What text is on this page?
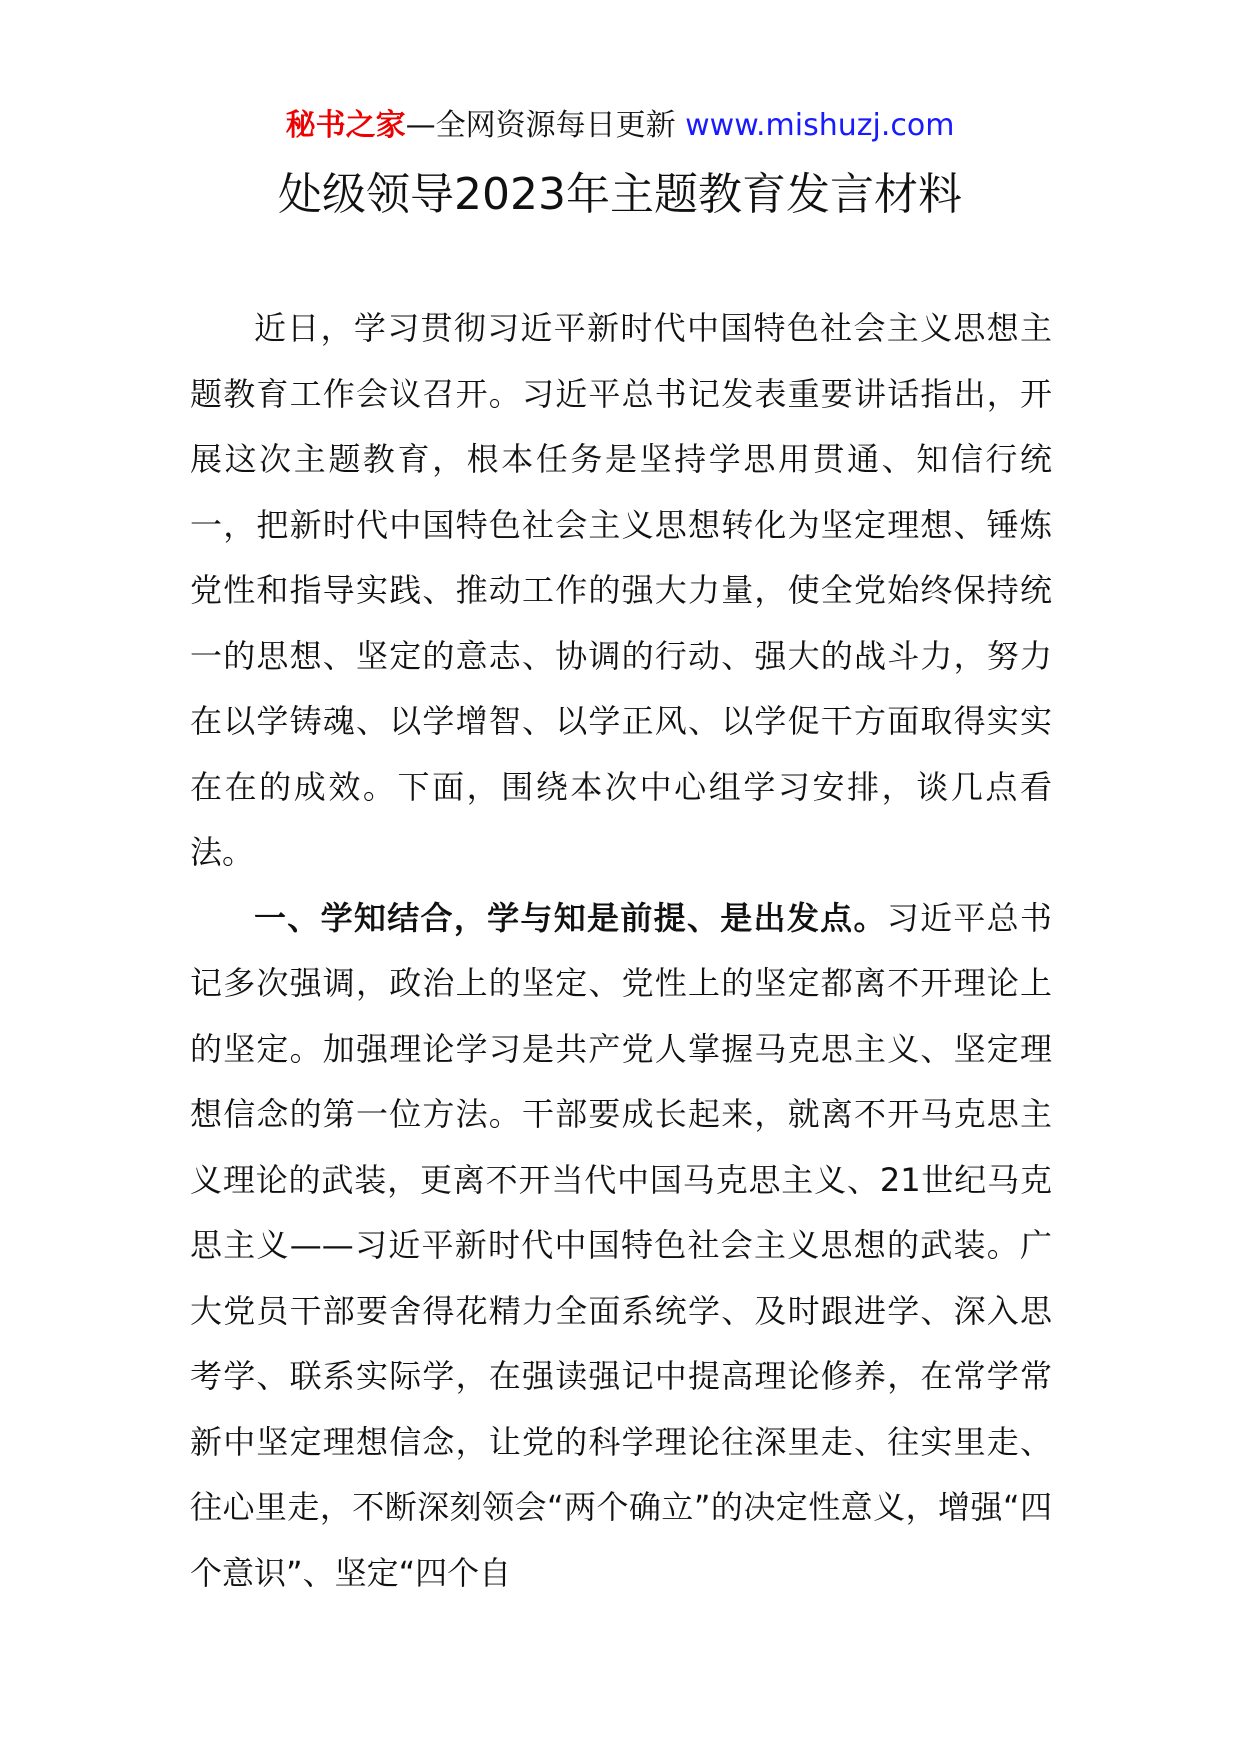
秘书之家—全网资源每日更新 www.mishuzj.com
处级领导2023年主题教育发言材料

近日，学习贯彻习近平新时代中国特色社会主义思想主题教育工作会议召开。习近平总书记发表重要讲话指出，开展这次主题教育，根本任务是坚持学思用贯通、知信行统一，把新时代中国特色社会主义思想转化为坚定理想、锤炼党性和指导实践、推动工作的强大力量，使全党始终保持统一的思想、坚定的意志、协调的行动、强大的战斗力，努力在以学铸魂、以学增智、以学正风、以学促干方面取得实实在在的成效。下面，围绕本次中心组学习安排，谈几点看法。

一、学知结合，学与知是前提、是出发点。习近平总书记多次强调，政治上的坚定、党性上的坚定都离不开理论上的坚定。加强理论学习是共产党人掌握马克思主义、坚定理想信念的第一位方法。干部要成长起来，就离不开马克思主义理论的武装，更离不开当代中国马克思主义、21世纪马克思主义——习近平新时代中国特色社会主义思想的武装。广大党员干部要舍得花精力全面系统学、及时跟进学、深入思考学、联系实际学，在强读强记中提高理论修养，在常学常新中坚定理想信念，让党的科学理论往深里走、往实里走、往心里走，不断深刻领会“两个确立”的决定性意义，增强“四个意识”、坚定“四个自
